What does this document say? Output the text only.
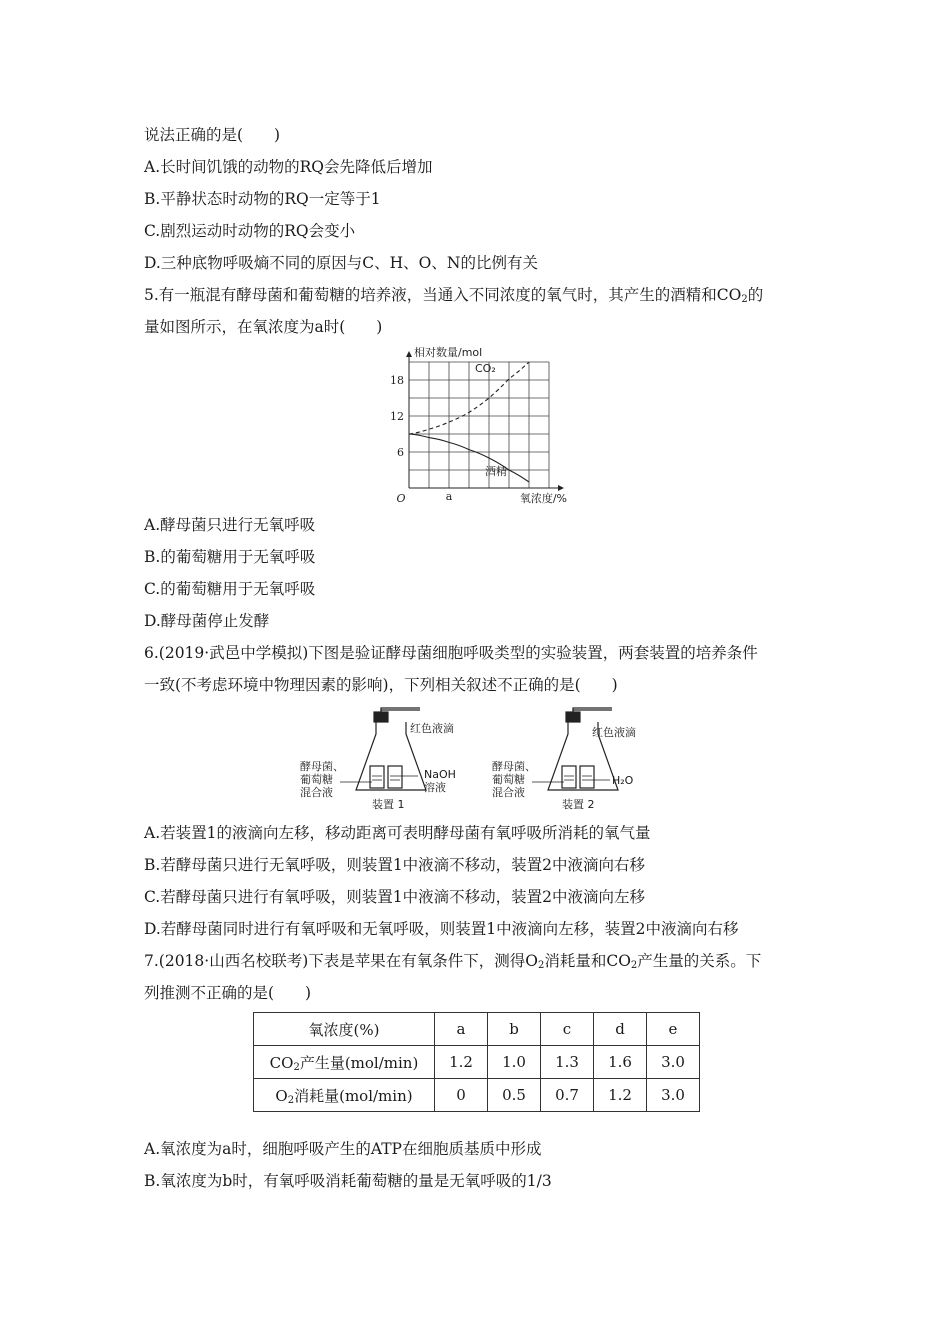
说法正确的是(　　)
A.长时间饥饿的动物的RQ会先降低后增加
B.平静状态时动物的RQ一定等于1
C.剧烈运动时动物的RQ会变小
D.三种底物呼吸熵不同的原因与C、H、O、N的比例有关
5.有一瓶混有酵母菌和葡萄糖的培养液，当通入不同浓度的氧气时，其产生的酒精和$CO_2$的
量如图所示，在氧浓度为a时(　　)
6
12
18
相对数量/mol
氧浓度/%
O	a
CO₂
酒精
A.酵母菌只进行无氧呼吸
B.的葡萄糖用于无氧呼吸
C.的葡萄糖用于无氧呼吸
D.酵母菌停止发酵
6.(2019·武邑中学模拟)下图是验证酵母菌细胞呼吸类型的实验装置，两套装置的培养条件
一致(不考虑环境中物理因素的影响)，下列相关叙述不正确的是(　　)
红色液滴
酵母菌、
葡萄糖
混合液
NaOH
溶液
装置 1
红色液滴
酵母菌、
葡萄糖
混合液
H₂O
装置 2
A.若装置1的液滴向左移，移动距离可表明酵母菌有氧呼吸所消耗的氧气量
B.若酵母菌只进行无氧呼吸，则装置1中液滴不移动，装置2中液滴向右移
C.若酵母菌只进行有氧呼吸，则装置1中液滴不移动，装置2中液滴向左移
D.若酵母菌同时进行有氧呼吸和无氧呼吸，则装置1中液滴向左移，装置2中液滴向右移
7.(2018·山西名校联考)下表是苹果在有氧条件下，测得$O_2$消耗量和$CO_2$产生量的关系。下
列推测不正确的是(　　)
氧浓度(%)	a	b	c	d	e
$CO_2$产生量(mol/min)	1.2	1.0	1.3	1.6	3.0
$O_2$消耗量(mol/min)	0	0.5	0.7	1.2	3.0
A.氧浓度为a时，细胞呼吸产生的ATP在细胞质基质中形成
B.氧浓度为b时，有氧呼吸消耗葡萄糖的量是无氧呼吸的1/3
